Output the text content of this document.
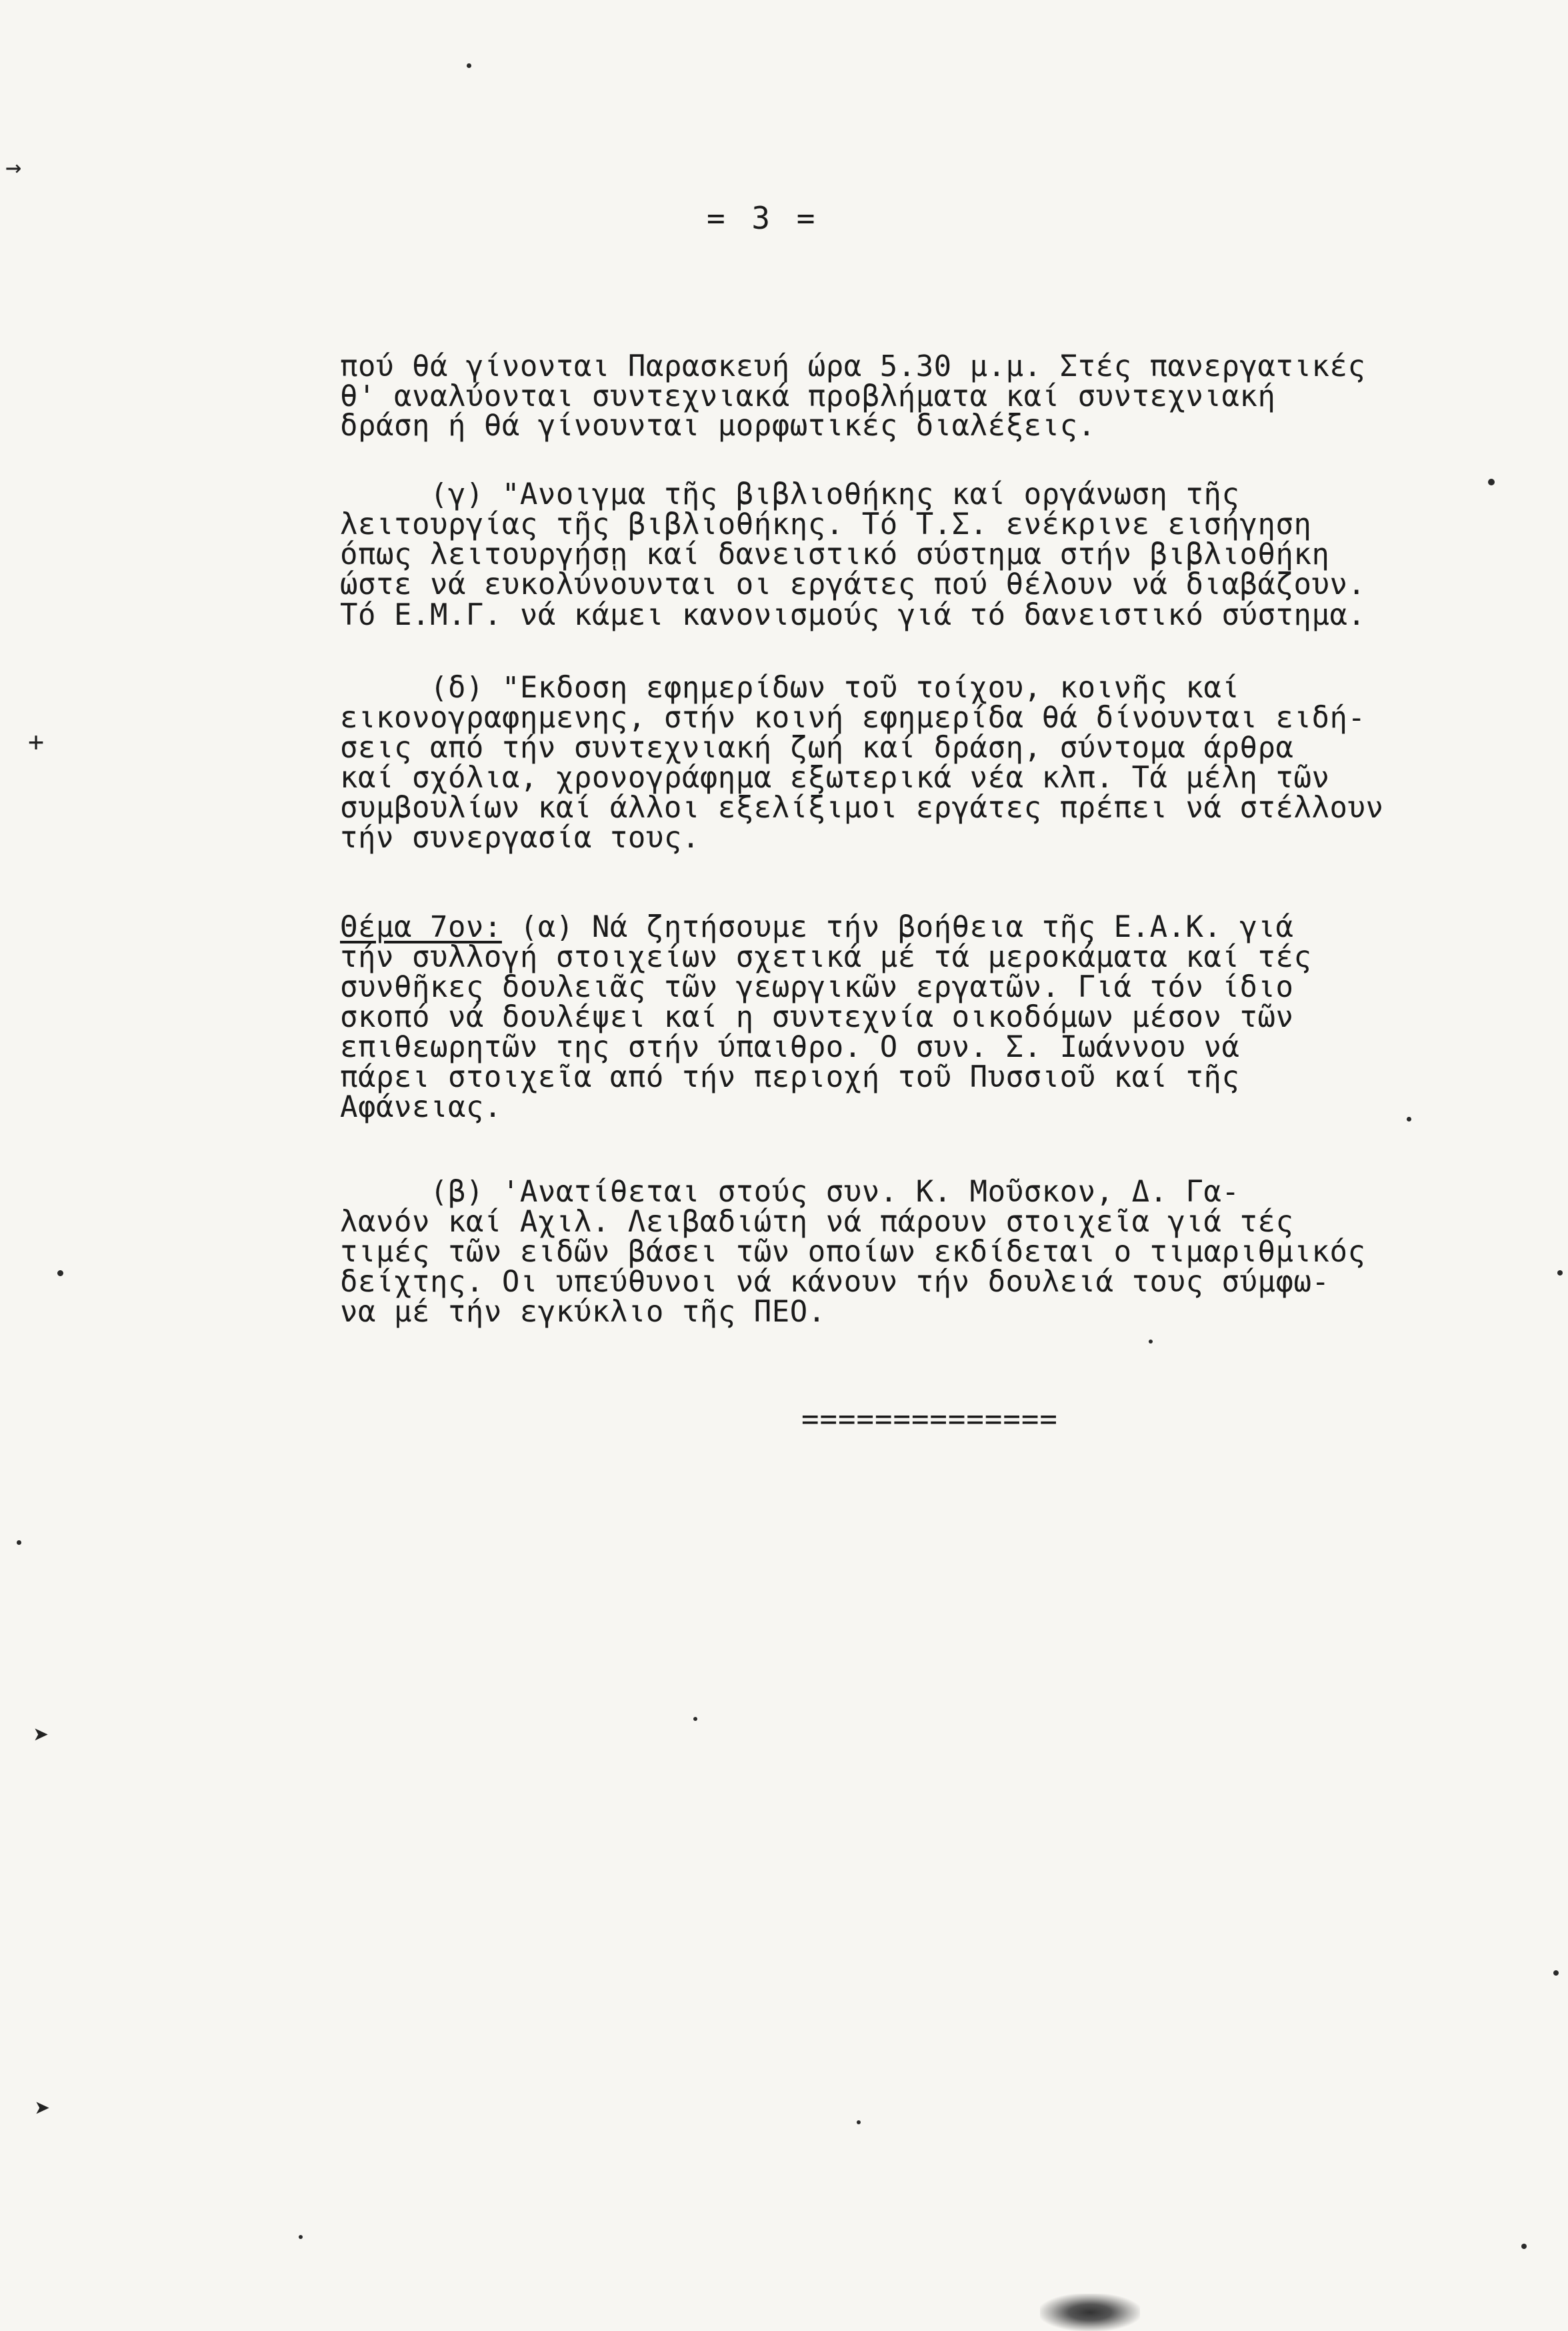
= 3 =
πού θά γίνονται Παρασκευή ώρα 5.30 μ.μ. Στές πανεργατικές
θ' αναλύονται συντεχνιακά προβλήματα καί συντεχνιακή
δράση ή θά γίνουνται μορφωτικές διαλέξεις.
(γ) "Ανοιγμα τῆς βιβλιοθήκης καί οργάνωση τῆς
λειτουργίας τῆς βιβλιοθήκης. Τό Τ.Σ. ενέκρινε εισήγηση
όπως λειτουργήσῃ καί δανειστικό σύστημα στήν βιβλιοθήκη
ώστε νά ευκολύνουνται οι εργάτες πού θέλουν νά διαβάζουν.
Τό Ε.Μ.Γ. νά κάμει κανονισμούς γιά τό δανειστικό σύστημα.
(δ) "Εκδοση εφημερίδων τοῦ τοίχου, κοινῆς καί
εικονογραφημενης, στήν κοινή εφημερίδα θά δίνουνται ειδή-
σεις από τήν συντεχνιακή ζωή καί δράση, σύντομα άρθρα
καί σχόλια, χρονογράφημα εξωτερικά νέα κλπ. Τά μέλη τῶν
συμβουλίων καί άλλοι εξελίξιμοι εργάτες πρέπει νά στέλλουν
τήν συνεργασία τους.
Θέμα 7ον: (α) Νά ζητήσουμε τήν βοήθεια τῆς Ε.Α.Κ. γιά
τήν συλλογή στοιχείων σχετικά μέ τά μεροκάματα καί τές
συνθῆκες δουλειᾶς τῶν γεωργικῶν εργατῶν. Γιά τόν ίδιο
σκοπό νά δουλέψει καί η συντεχνία οικοδόμων μέσον τῶν
επιθεωρητῶν της στήν ύπαιθρο. Ο συν. Σ. Ιωάννου νά
πάρει στοιχεῖα από τήν περιοχή τοῦ Πυσσιοῦ καί τῆς
Αφάνειας.
(β) 'Ανατίθεται στούς συν. Κ. Μοῦσκον, Δ. Γα-
λανόν καί Αχιλ. Λειβαδιώτη νά πάρουν στοιχεῖα γιά τές
τιμές τῶν ειδῶν βάσει τῶν οποίων εκδίδεται ο τιμαριθμικός
δείχτης. Οι υπεύθυνοι νά κάνουν τήν δουλειά τους σύμφω-
να μέ τήν εγκύκλιο τῆς ΠΕΟ.
==============
→
+
➤
➤
